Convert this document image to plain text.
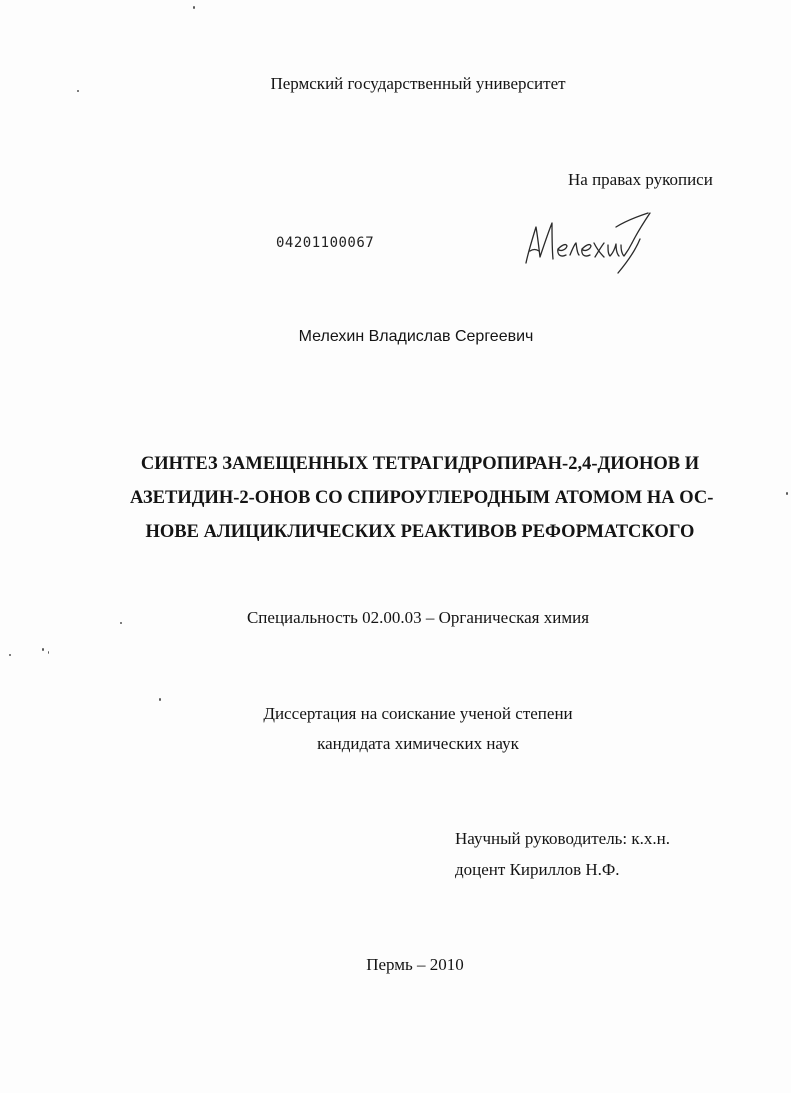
Пермский государственный университет
На правах рукописи
04201100067
Мелехин Владислав Сергеевич
СИНТЕЗ ЗАМЕЩЕННЫХ ТЕТРАГИДРОПИРАН-2,4-ДИОНОВ И
АЗЕТИДИН-2-ОНОВ СО СПИРОУГЛЕРОДНЫМ АТОМОМ НА ОС-
НОВЕ АЛИЦИКЛИЧЕСКИХ РЕАКТИВОВ РЕФОРМАТСКОГО
Специальность 02.00.03 – Органическая химия
Диссертация на соискание ученой степени
кандидата химических наук
Научный руководитель: к.х.н.
доцент Кириллов Н.Ф.
Пермь – 2010
